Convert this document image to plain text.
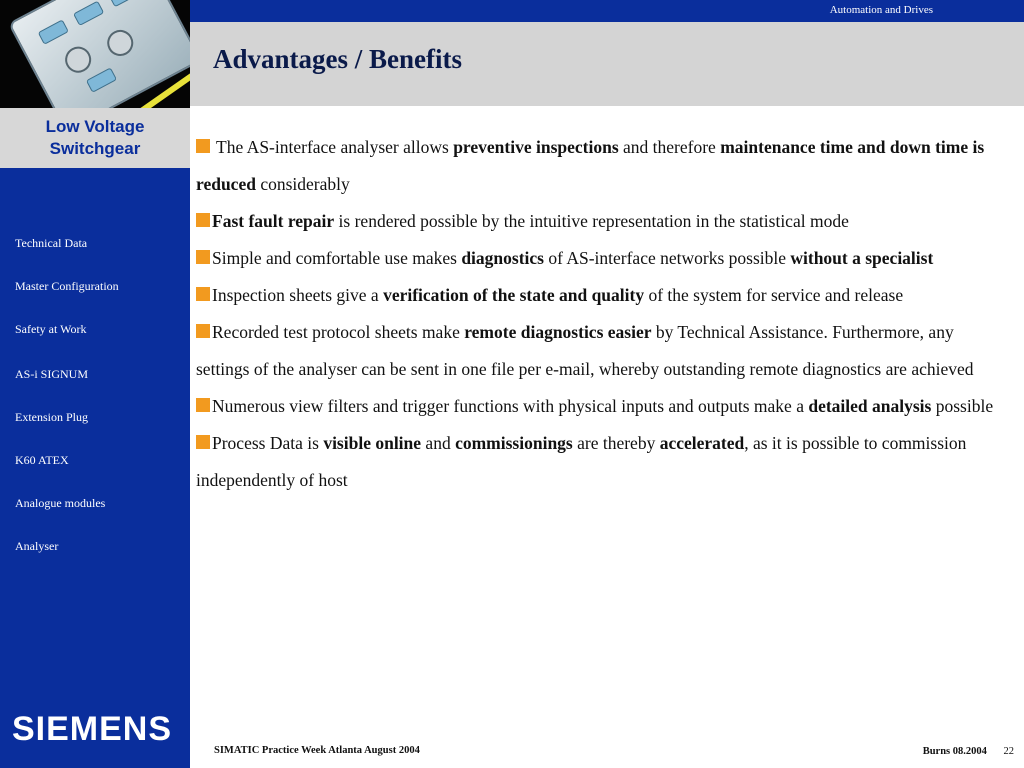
Low Voltage
Switchgear
Technical Data
Master Configuration
Safety at Work
AS-i SIGNUM
Extension Plug
K60 ATEX
Analogue modules
Analyser
SIEMENS
Automation and Drives
Advantages / Benefits

The AS-interface analyser allows preventive inspections and therefore maintenance time and down time is reduced considerably

Fast fault repair is rendered possible by the intuitive representation in the statistical mode

Simple and comfortable use makes diagnostics of AS-interface networks possible without a specialist

Inspection sheets give a verification of the state and quality of the system for service and release

Recorded test protocol sheets make remote diagnostics easier by Technical Assistance. Furthermore, any settings of the analyser can be sent in one file per e-mail, whereby outstanding remote diagnostics are achieved

Numerous view filters and trigger functions with physical inputs and outputs make a detailed analysis possible

Process Data is visible online and commissionings are thereby accelerated, as it is possible to commission independently of host

SIMATIC Practice Week Atlanta August 2004	Burns 08.2004 22
